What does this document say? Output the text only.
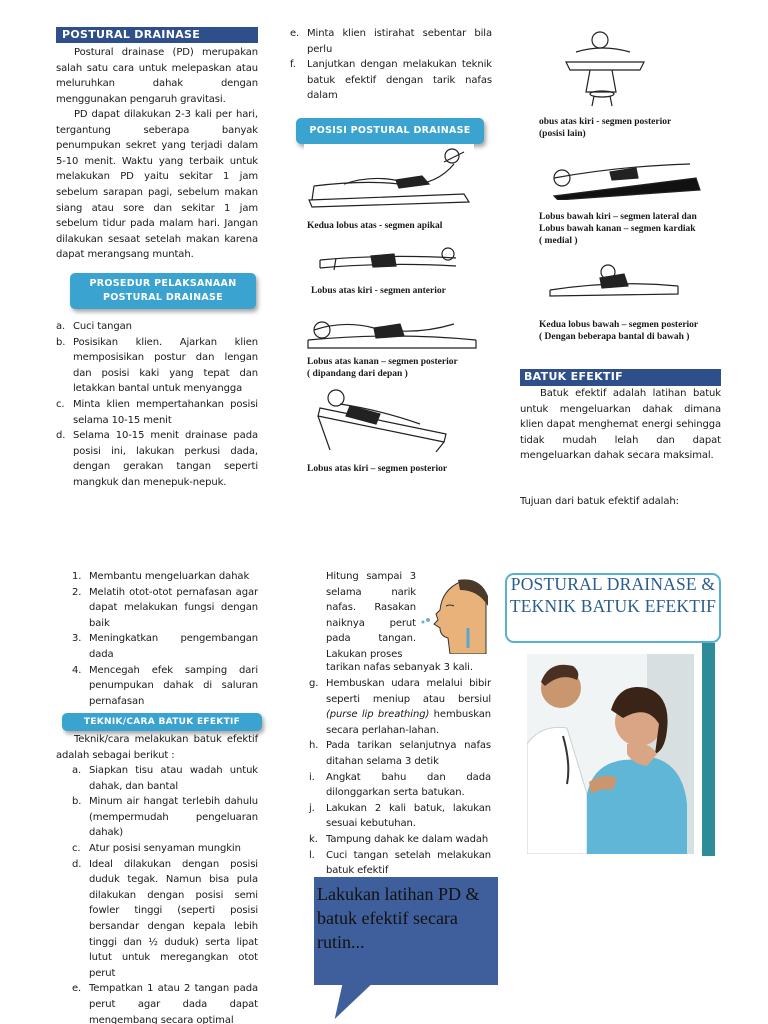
POSTURAL DRAINASE

Postural drainase (PD) merupakan salah satu cara untuk melepaskan atau meluruhkan dahak dengan menggunakan pengaruh gravitasi.

PD dapat dilakukan 2-3 kali per hari, tergantung seberapa banyak penumpukan sekret yang terjadi dalam 5-10 menit. Waktu yang terbaik untuk melakukan PD yaitu sekitar 1 jam sebelum sarapan pagi, sebelum makan siang atau sore dan sekitar 1 jam sebelum tidur pada malam hari. Jangan dilakukan sesaat setelah makan karena dapat merangsang muntah.

PROSEDUR PELAKSANAAN
POSTURAL DRAINASE
a. Cuci tangan
b. Posisikan klien. Ajarkan klien memposisikan postur dan lengan dan posisi kaki yang tepat dan letakkan bantal untuk menyangga
c. Minta klien mempertahankan posisi selama 10-15 menit
d. Selama 10-15 menit drainase pada posisi ini, lakukan perkusi dada, dengan gerakan tangan seperti mangkuk dan menepuk-nepuk.
e. Minta klien istirahat sebentar bila perlu
f. Lanjutkan dengan melakukan teknik batuk efektif dengan tarik nafas dalam
POSISI POSTURAL DRAINASE
Kedua lobus atas - segmen apikal
Lobus atas kiri - segmen anterior
Lobus atas kanan – segmen posterior
( dipandang dari depan )
Lobus atas kiri – segmen posterior
obus atas kiri - segmen posterior
(posisi lain)
Lobus bawah kiri – segmen lateral dan
Lobus bawah kanan – segmen kardiak
( medial )
Kedua lobus bawah – segmen posterior
( Dengan beberapa bantal di bawah )
BATUK EFEKTIF

Batuk efektif adalah latihan batuk untuk mengeluarkan dahak dimana klien dapat menghemat energi sehingga tidak mudah lelah dan dapat mengeluarkan dahak secara maksimal.

Tujuan dari batuk efektif adalah:

1. Membantu mengeluarkan dahak
2. Melatih otot-otot pernafasan agar dapat melakukan fungsi dengan baik
3. Meningkatkan pengembangan dada
4. Mencegah efek samping dari penumpukan dahak di saluran pernafasan
TEKNIK/CARA BATUK EFEKTIF

Teknik/cara melakukan batuk efektif adalah sebagai berikut :

a. Siapkan tisu atau wadah untuk dahak, dan bantal
b. Minum air hangat terlebih dahulu (mempermudah pengeluaran dahak)
c. Atur posisi senyaman mungkin
d. Ideal dilakukan dengan posisi duduk tegak. Namun bisa pula dilakukan dengan posisi semi fowler tinggi (seperti posisi bersandar dengan kepala lebih tinggi dan ½ duduk) serta lipat lutut untuk meregangkan otot perut
e. Tempatkan 1 atau 2 tangan pada perut agar dada dapat mengembang secara optimal

Hitung sampai 3 selama narik nafas. Rasakan naiknya perut pada tangan. Lakukan proses

tarikan nafas sebanyak 3 kali.

g. Hembuskan udara melalui bibir seperti meniup atau bersiul (purse lip breathing) hembuskan secara perlahan-lahan.
h. Pada tarikan selanjutnya nafas ditahan selama 3 detik
i. Angkat bahu dan dada dilonggarkan serta batukan.
j. Lakukan 2 kali batuk, lakukan sesuai kebutuhan.
k. Tampung dahak ke dalam wadah
l. Cuci tangan setelah melakukan batuk efektif
Lakukan latihan PD & batuk efektif secara rutin...
POSTURAL DRAINASE & TEKNIK BATUK EFEKTIF
